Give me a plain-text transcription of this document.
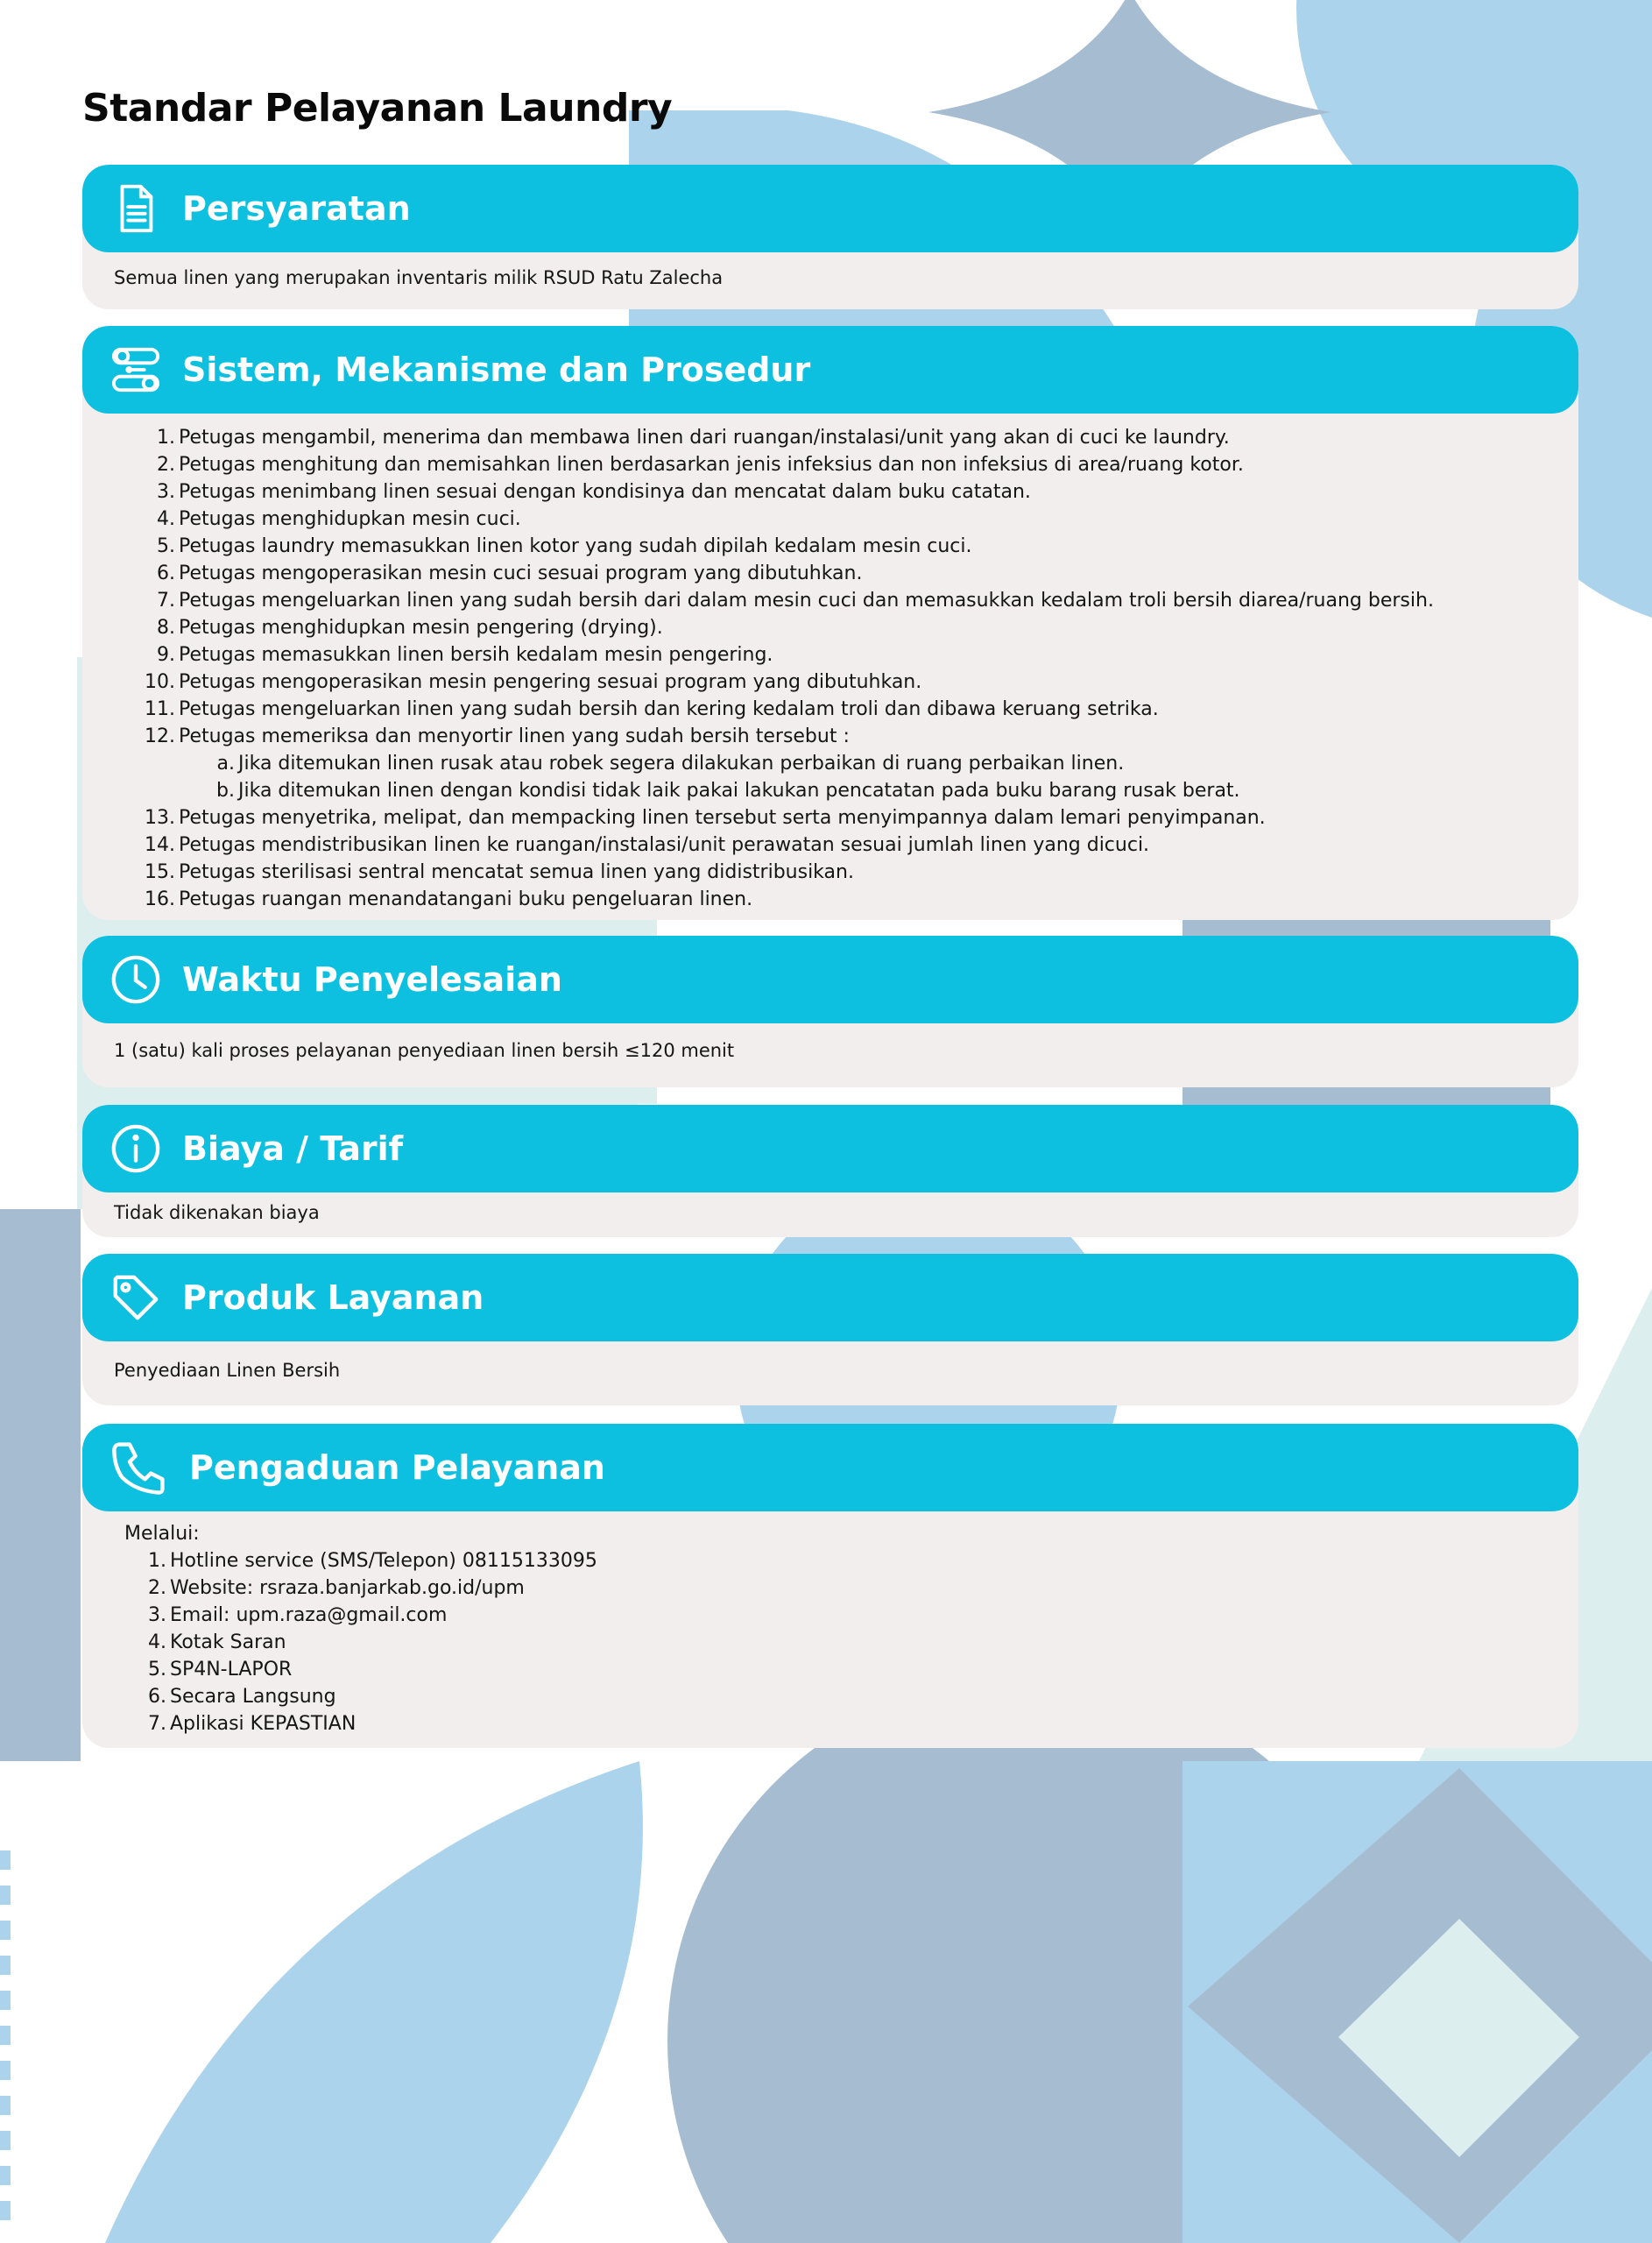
Standar Pelayanan Laundry
Persyaratan
Semua linen yang merupakan inventaris milik RSUD Ratu Zalecha
Sistem, Mekanisme dan Prosedur
1. Petugas mengambil, menerima dan membawa linen dari ruangan/instalasi/unit yang akan di cuci ke laundry.
2. Petugas menghitung dan memisahkan linen berdasarkan jenis infeksius dan non infeksius di area/ruang kotor.
3. Petugas menimbang linen sesuai dengan kondisinya dan mencatat dalam buku catatan.
4. Petugas menghidupkan mesin cuci.
5. Petugas laundry memasukkan linen kotor yang sudah dipilah kedalam mesin cuci.
6. Petugas mengoperasikan mesin cuci sesuai program yang dibutuhkan.
7. Petugas mengeluarkan linen yang sudah bersih dari dalam mesin cuci dan memasukkan kedalam troli bersih diarea/ruang bersih.
8. Petugas menghidupkan mesin pengering (drying).
9. Petugas memasukkan linen bersih kedalam mesin pengering.
10. Petugas mengoperasikan mesin pengering sesuai program yang dibutuhkan.
11. Petugas mengeluarkan linen yang sudah bersih dan kering kedalam troli dan dibawa keruang setrika.
12. Petugas memeriksa dan menyortir linen yang sudah bersih tersebut :
a. Jika ditemukan linen rusak atau robek segera dilakukan perbaikan di ruang perbaikan linen.
b. Jika ditemukan linen dengan kondisi tidak laik pakai lakukan pencatatan pada buku barang rusak berat.
13. Petugas menyetrika, melipat, dan mempacking linen tersebut serta menyimpannya dalam lemari penyimpanan.
14. Petugas mendistribusikan linen ke ruangan/instalasi/unit perawatan sesuai jumlah linen yang dicuci.
15. Petugas sterilisasi sentral mencatat semua linen yang didistribusikan.
16. Petugas ruangan menandatangani buku pengeluaran linen.
Waktu Penyelesaian
1 (satu) kali proses pelayanan penyediaan linen bersih ≤120 menit
Biaya / Tarif
Tidak dikenakan biaya
Produk Layanan
Penyediaan Linen Bersih
Pengaduan Pelayanan
Melalui:
1. Hotline service (SMS/Telepon) 08115133095
2. Website: rsraza.banjarkab.go.id/upm
3. Email: upm.raza@gmail.com
4. Kotak Saran
5. SP4N-LAPOR
6. Secara Langsung
7. Aplikasi KEPASTIAN
